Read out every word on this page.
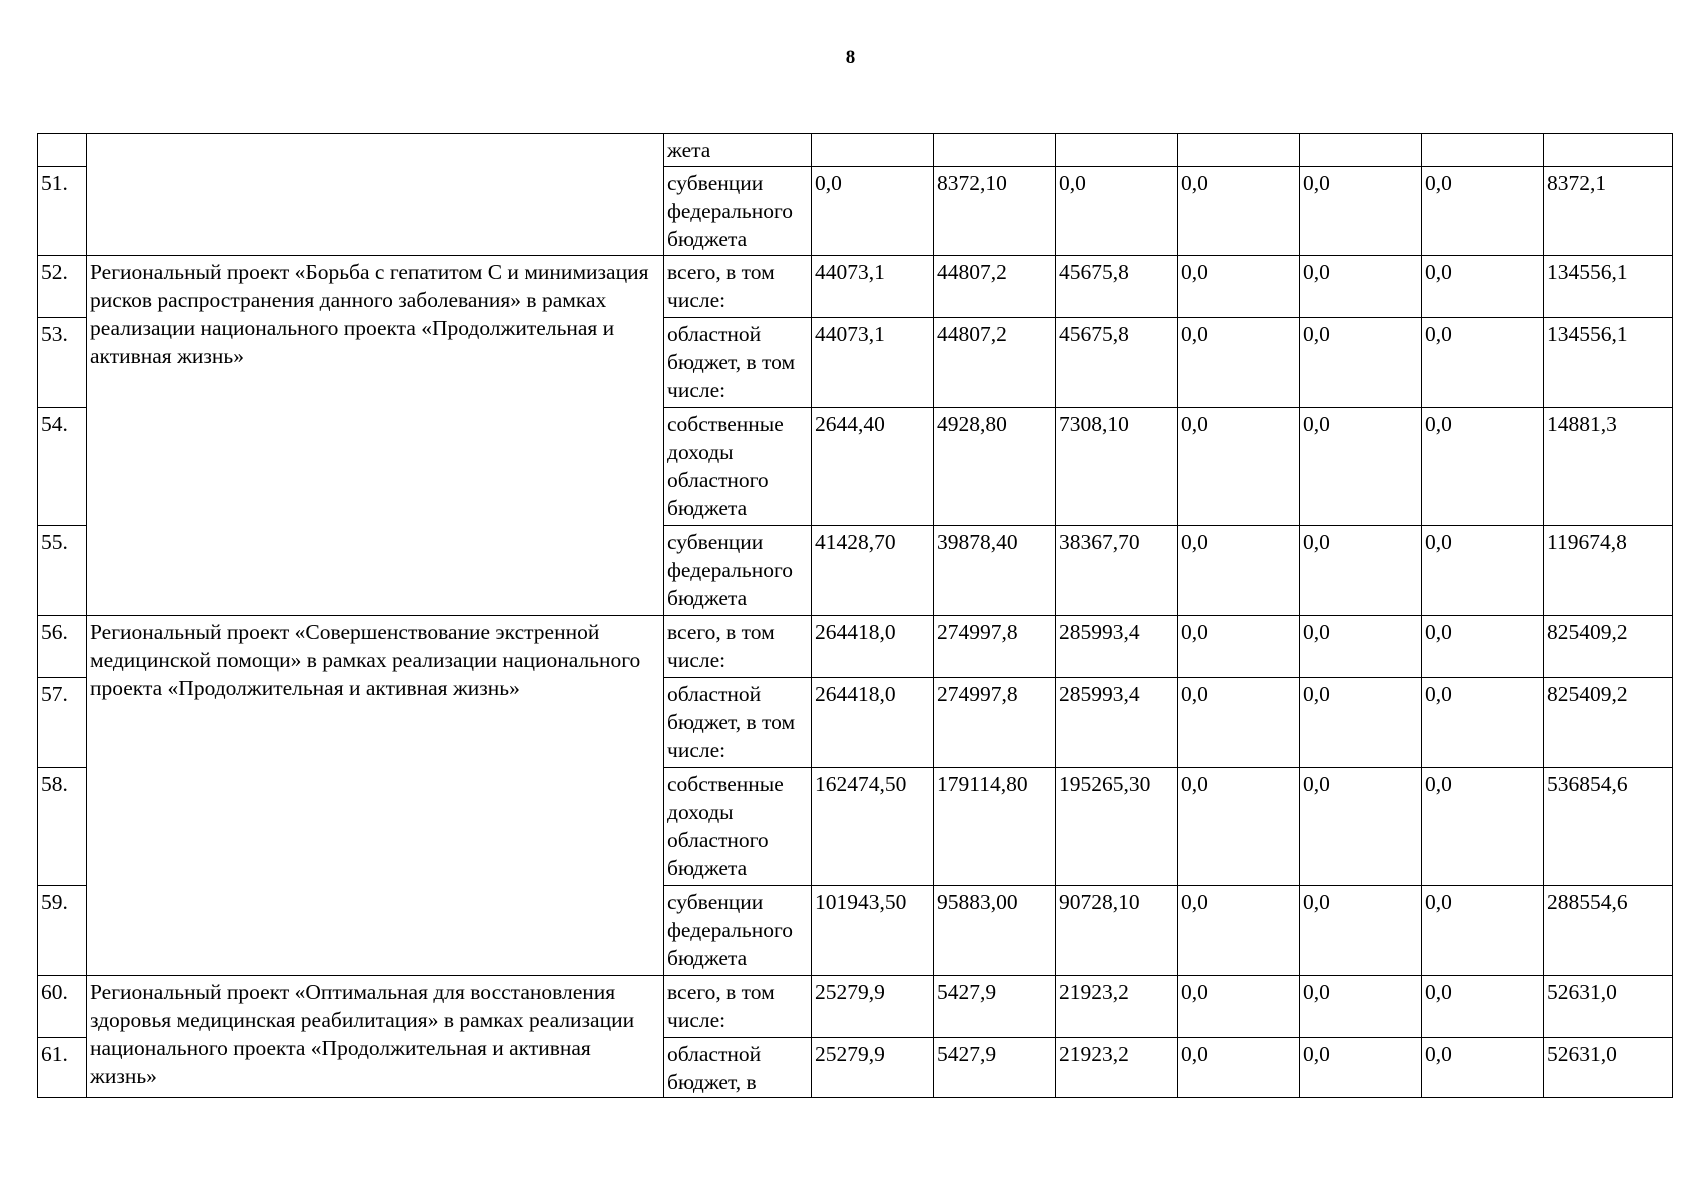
8
		жета							
51.		субвенции федерального бюджета	0,0	8372,10	0,0	0,0	0,0	0,0	8372,1
52.	Региональный проект «Борьба с гепатитом С и минимизация рисков распространения данного заболевания» в рамках реализации национального проекта «Продолжительная и активная жизнь»	всего, в том числе:	44073,1	44807,2	45675,8	0,0	0,0	0,0	134556,1
53.		областной бюджет, в том числе:	44073,1	44807,2	45675,8	0,0	0,0	0,0	134556,1
54.		собственные доходы областного бюджета	2644,40	4928,80	7308,10	0,0	0,0	0,0	14881,3
55.		субвенции федерального бюджета	41428,70	39878,40	38367,70	0,0	0,0	0,0	119674,8
56.	Региональный проект «Совершенствование экстренной медицинской помощи» в рамках реализации национального проекта «Продолжительная и активная жизнь»	всего, в том числе:	264418,0	274997,8	285993,4	0,0	0,0	0,0	825409,2
57.		областной бюджет, в том числе:	264418,0	274997,8	285993,4	0,0	0,0	0,0	825409,2
58.		собственные доходы областного бюджета	162474,50	179114,80	195265,30	0,0	0,0	0,0	536854,6
59.		субвенции федерального бюджета	101943,50	95883,00	90728,10	0,0	0,0	0,0	288554,6
60.	Региональный проект «Оптимальная для восстановления здоровья медицинская реабилитация» в рамках реализации национального проекта «Продолжительная и активная жизнь»	всего, в том числе:	25279,9	5427,9	21923,2	0,0	0,0	0,0	52631,0
61.		областной бюджет, в	25279,9	5427,9	21923,2	0,0	0,0	0,0	52631,0
